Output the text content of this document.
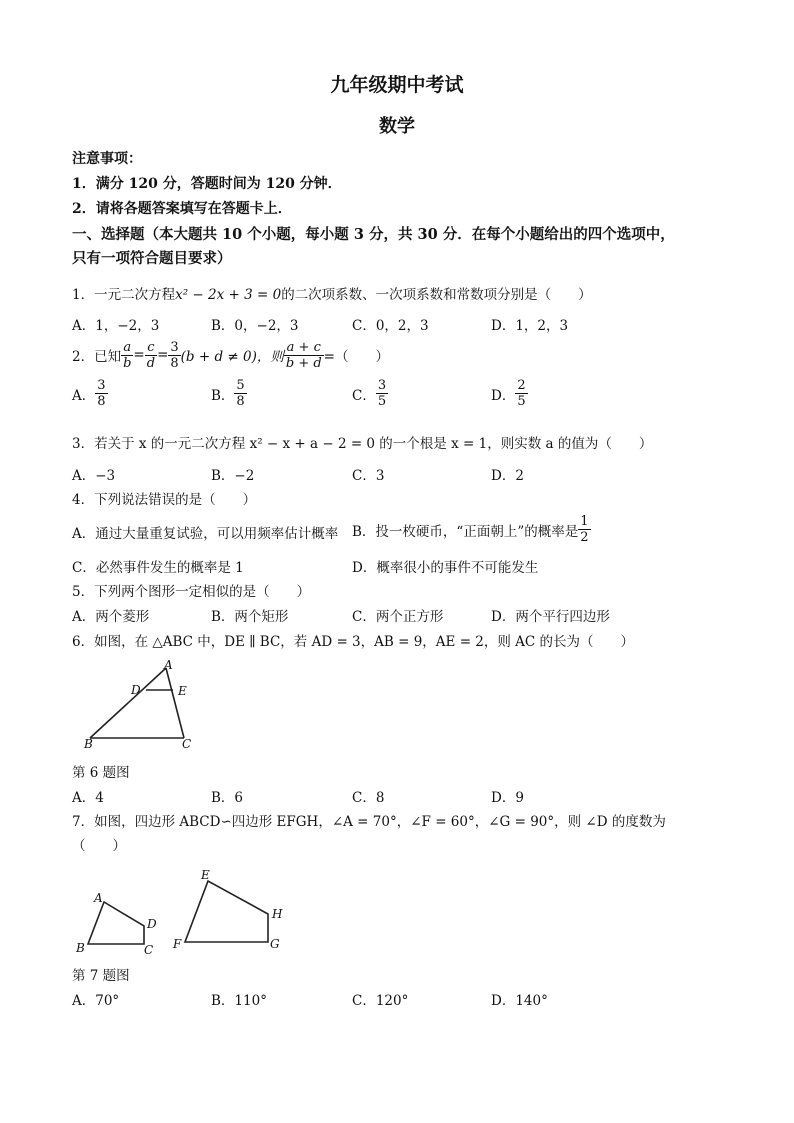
九年级期中考试
数学
注意事项：
1．满分 120 分，答题时间为 120 分钟．
2．请将各题答案填写在答题卡上．
一、选择题（本大题共 10 个小题，每小题 3 分，共 30 分．在每个小题给出的四个选项中，
只有一项符合题目要求）
1．一元二次方程x² − 2x + 3 = 0的二次项系数、一次项系数和常数项分别是（　　）
A．1，−2，3	B．0，−2，3	C．0，2，3	D．1，2，3
2．已知 $\frac{a}{b} = \frac{c}{d} = \frac{3}{8} (b + d \ne 0)$，则 $\frac{a + c}{b + d}$ =（　　）
A． $\frac{3}{8}$	B． $\frac{5}{8}$	C． $\frac{3}{5}$	D． $\frac{2}{5}$
3．若关于 x 的一元二次方程 x² − x + a − 2 = 0 的一个根是 x = 1，则实数 a 的值为（　　）
A．−3	B．−2	C．3	D．2
4．下列说法错误的是（　　）
A．通过大量重复试验，可以用频率估计概率 B．投一枚硬币，“正面朝上”的概率是 $\frac{1}{2}$
C．必然事件发生的概率是 1	D．概率很小的事件不可能发生
5．下列两个图形一定相似的是（　　）
A．两个菱形	B．两个矩形	C．两个正方形	D．两个平行四边形
6．如图，在 △ABC 中，DE ∥ BC，若 AD = 3，AB = 9，AE = 2，则 AC 的长为（　　）
A
D	E
B	C
第 6 题图
A．4	B．6	C．8	D．9
7．如图，四边形 ABCD∽四边形 EFGH，∠A = 70°，∠F = 60°，∠G = 90°，则 ∠D 的度数为
（　　）
A
B	C
D
E
F	G
H
第 7 题图
A．70°	B．110°	C．120°	D．140°
